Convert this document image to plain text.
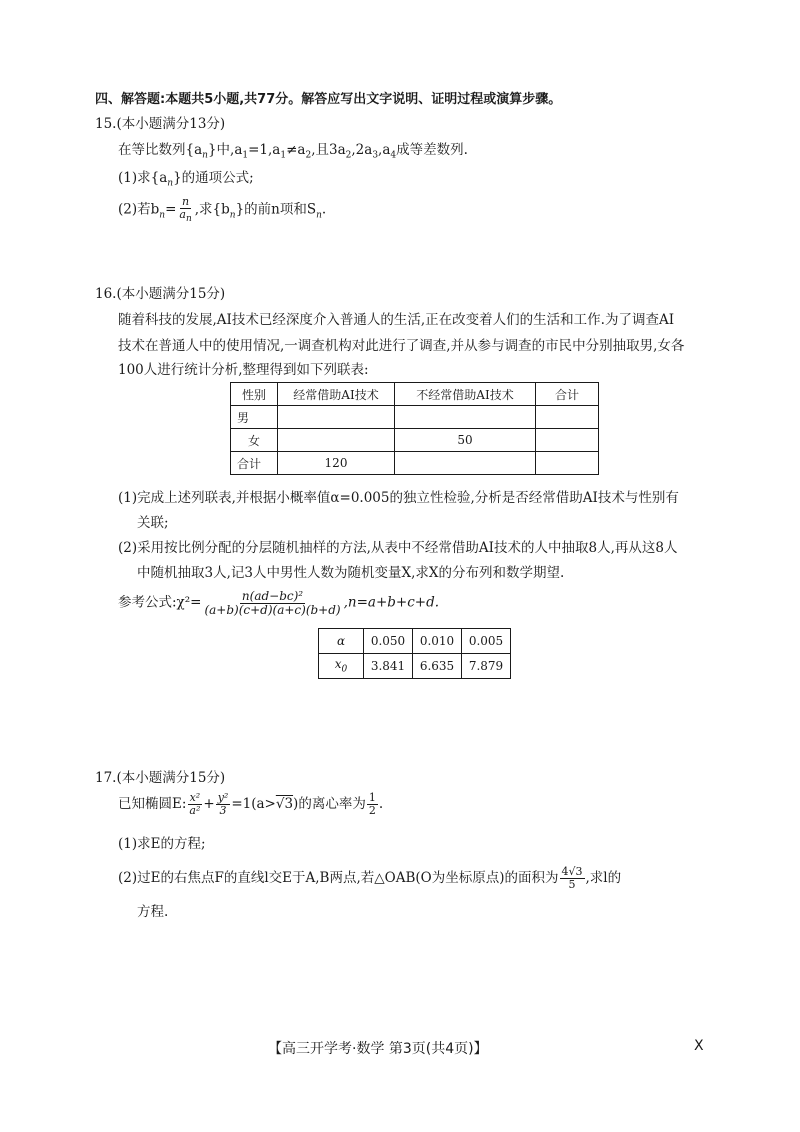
四、解答题:本题共5小题,共77分。解答应写出文字说明、证明过程或演算步骤。
15.(本小题满分13分)
在等比数列$\{a_n\}$中$,a_1=1,a_1\ne a_2$,且$3a_2,2a_3,a_4$成等差数列.
(1)求$\{a_n\}$的通项公式;
(2)若$b_n= \frac{n}{a_n}$ ,求$\{b_n\}$的前n项和$S_n$.
16.(本小题满分15分)
随着科技的发展,AI技术已经深度介入普通人的生活,正在改变着人们的生活和工作.为了调查AI
技术在普通人中的使用情况,一调查机构对此进行了调查,并从参与调查的市民中分别抽取男,女各
100人进行统计分析,整理得到如下列联表:
性别	经常借助AI技术	不经常借助AI技术	合计
男			
女		50	
合计	120		
(1)完成上述列联表,并根据小概率值α=0.005的独立性检验,分析是否经常借助AI技术与性别有
关联;
(2)采用按比例分配的分层随机抽样的方法,从表中不经常借助AI技术的人中抽取8人,再从这8人
中随机抽取3人,记3人中男性人数为随机变量X,求X的分布列和数学期望.
参考公式:χ²= $\frac{\text{n(ad−bc)²}}{(a+b)(c+d)(a+c)(b+d)} ,n=a+b+c+d$.
α	0.050	0.010	0.005
$x_0$	3.841	6.635	7.879
17.(本小题满分15分)
已知椭圆E: $\frac{\text{x²}}{\text{a²}} + \frac{\text{y²}}{3} =1(a>√3)$的离心率为 $\frac{1}{2}$ .
(1)求E的方程;
(2)过E的右焦点F的直线l交E于A,B两点,若△OAB(O为坐标原点)的面积为 $\frac{4√3}{5}$ ,求l的
方程.
【高三开学考·数学 第3页(共4页)】	X
